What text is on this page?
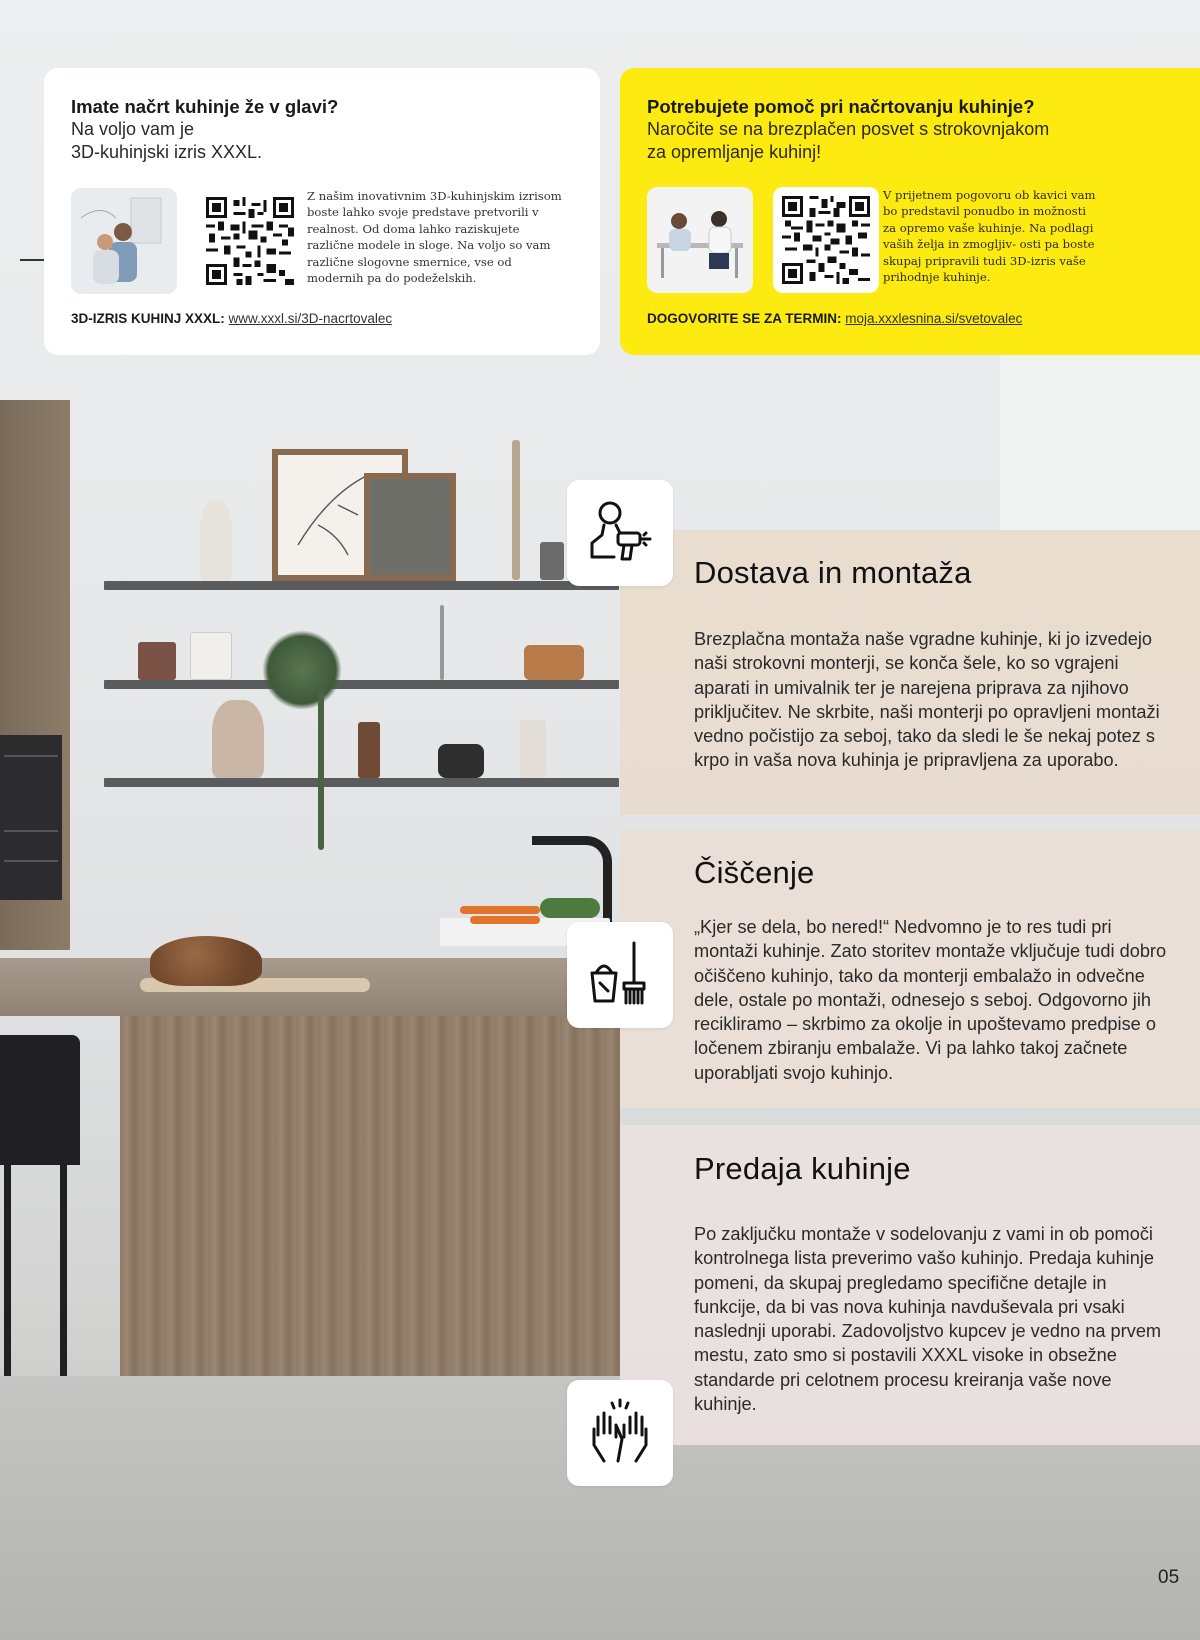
Imate načrt kuhinje že v glavi?
Na voljo vam je
3D-kuhinjski izris XXXL.
Z našim inovativnim 3D-kuhinjskim izrisom boste lahko svoje predstave pretvorili v realnost. Od doma lahko raziskujete različne modele in sloge. Na voljo so vam različne slogovne smernice, vse od modernih pa do podeželskih.
3D-IZRIS KUHINJ XXXL: www.xxxl.si/3D-nacrtovalec
Potrebujete pomoč pri načrtovanju kuhinje?
Naročite se na brezplačen posvet s strokovnjakom
za opremljanje kuhinj!
V prijetnem pogovoru ob kavici vam bo predstavil ponudbo in možnosti za opremo vaše kuhinje. Na podlagi vaših želja in zmogljiv- osti pa boste skupaj pripravili tudi 3D-izris vaše prihodnje kuhinje.
DOGOVORITE SE ZA TERMIN: moja.xxxlesnina.si/svetovalec
Dostava in montaža

Brezplačna montaža naše vgradne kuhinje, ki jo izvedejo naši strokovni monterji, se konča šele, ko so vgrajeni aparati in umivalnik ter je narejena priprava za njihovo priključitev. Ne skrbite, naši monterji po opravljeni montaži vedno počistijo za seboj, tako da sledi le še nekaj potez s krpo in vaša nova kuhinja je pripravljena za uporabo.

Čiščenje

„Kjer se dela, bo nered!“ Nedvomno je to res tudi pri montaži kuhinje. Zato storitev montaže vključuje tudi dobro očiščeno kuhinjo, tako da monterji embalažo in odvečne dele, ostale po montaži, odnesejo s seboj. Odgovorno jih recikliramo – skrbimo za okolje in upoštevamo predpise o ločenem zbiranju embalaže. Vi pa lahko takoj začnete uporabljati svojo kuhinjo.

Predaja kuhinje

Po zaključku montaže v sodelovanju z vami in ob pomoči kontrolnega lista preverimo vašo kuhinjo. Predaja kuhinje pomeni, da skupaj pregledamo specifične detajle in funkcije, da bi vas nova kuhinja navduševala pri vsaki naslednji uporabi. Zadovoljstvo kupcev je vedno na prvem mestu, zato smo si postavili XXXL visoke in obsežne standarde pri celotnem procesu kreiranja vaše nove kuhinje.

05
